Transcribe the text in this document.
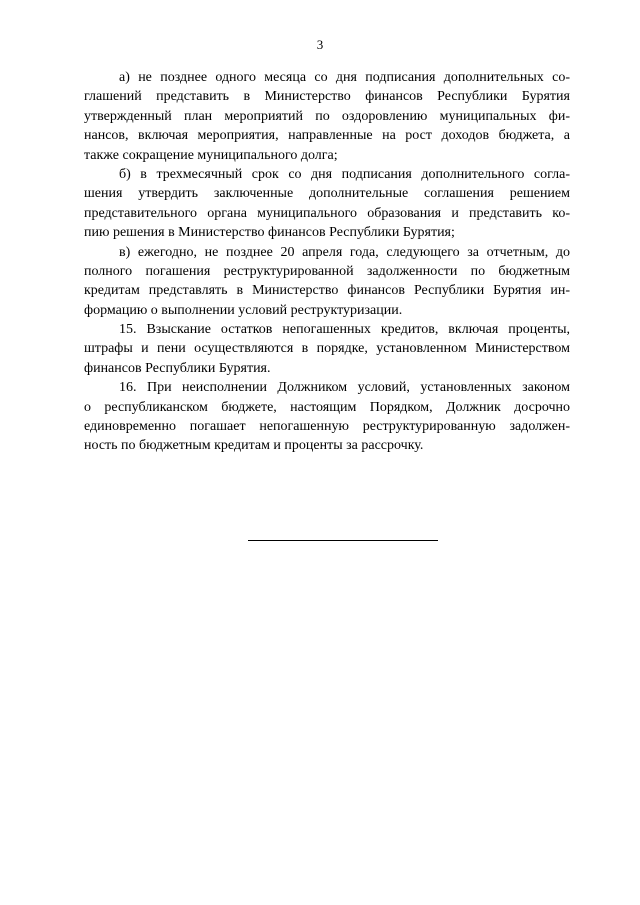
3
а) не позднее одного месяца со дня подписания дополнительных со-
глашений представить в Министерство финансов Республики Бурятия
утвержденный план мероприятий по оздоровлению муниципальных фи-
нансов, включая мероприятия, направленные на рост доходов бюджета, а
также сокращение муниципального долга;
б) в трехмесячный срок со дня подписания дополнительного согла-
шения утвердить заключенные дополнительные соглашения решением
представительного органа муниципального образования и представить ко-
пию решения в Министерство финансов Республики Бурятия;
в) ежегодно, не позднее 20 апреля года, следующего за отчетным, до
полного погашения реструктурированной задолженности по бюджетным
кредитам представлять в Министерство финансов Республики Бурятия ин-
формацию о выполнении условий реструктуризации.
15. Взыскание остатков непогашенных кредитов, включая проценты,
штрафы и пени осуществляются в порядке, установленном Министерством
финансов Республики Бурятия.
16. При неисполнении Должником условий, установленных законом
о республиканском бюджете, настоящим Порядком, Должник досрочно
единовременно погашает непогашенную реструктурированную задолжен-
ность по бюджетным кредитам и проценты за рассрочку.
